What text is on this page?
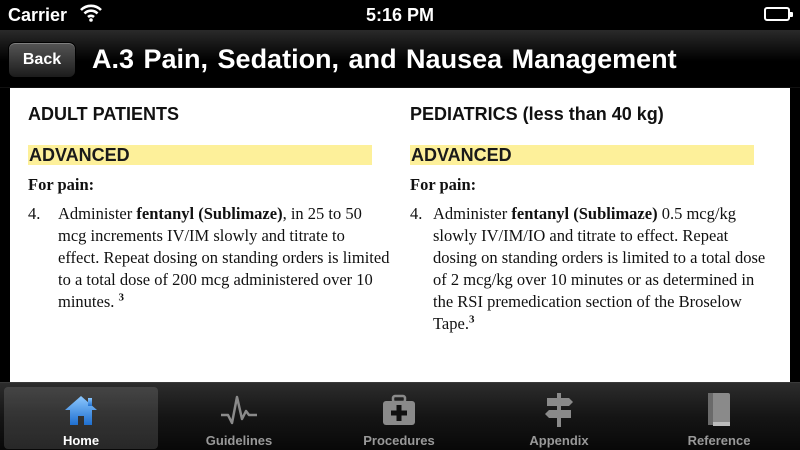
Carrier	5:16 PM
Back	A.3 Pain, Sedation, and Nausea Management
ADULT PATIENTS
ADVANCED
For pain:
4.	Administer fentanyl (Sublimaze), in 25 to 50 mcg increments IV/IM slowly and titrate to effect. Repeat dosing on standing orders is limited to a total dose of 200 mcg administered over 10 minutes. $^3$
PEDIATRICS (less than 40 kg)
ADVANCED
For pain:
4. Administer fentanyl (Sublimaze) 0.5 mcg/kg slowly IV/IM/IO and titrate to effect. Repeat dosing on standing orders is limited to a total dose of 2 mcg/kg over 10 minutes or as determined in the RSI premedication section of the Broselow Tape.$^3$
Home	Guidelines	Procedures	Appendix	Reference
